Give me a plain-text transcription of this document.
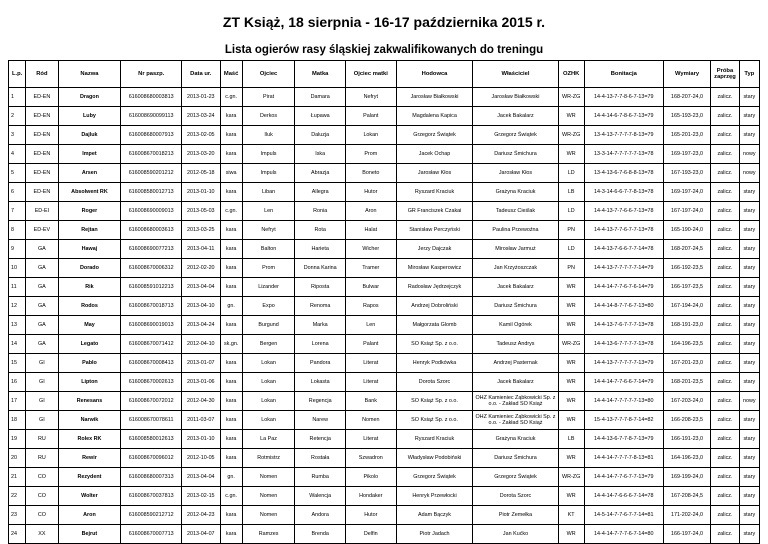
ZT Książ, 18 sierpnia - 16-17 października 2015 r.
Lista ogierów rasy śląskiej zakwalifikowanych do treningu
L.p.	Ród	Nazwa	Nr paszp.	Data ur.	Maść	Ojciec	Matka	Ojciec matki	Hodowca	Właściciel	OZHK	Bonitacja	Wymiary	Próba zaprzęg	Typ
1	ED-EN	Dragon	616008680003813	2013-01-23	c.gn.	Pirat	Damara	Nefryt	Jarosław Białkowski	Jarosław Białkowski	WR-ZG	14-4-13-7-7-8-6-7-13=79	168-207-24,0	zalicz.	stary
2	ED-EN	Luby	616008690099113	2013-03-24	kara	Derkos	Łupawa	Palant	Magdalena Kapica	Jacek Bakalarz	WR	14-4-14-6-7-8-6-7-13=79	165-193-23,0	zalicz.	stary
3	ED-EN	Dajluk	616008680007913	2013-02-05	kara	Iluk	Daluzja	Lokan	Grzegorz Świątek	Grzegorz Świątek	WR-ZG	13-4-13-7-7-7-7-8-13=79	165-201-23,0	zalicz.	stary
4	ED-EN	Impet	616008670018213	2013-03-20	kara	Impuls	Iska	Prom	Jacek Ochap	Dariusz Śmichura	WR	13-3-14-7-7-7-7-7-13=78	169-197-23,0	zalicz.	nowy
5	ED-EN	Arsen	616008590201212	2012-05-18	siwa	Impuls	Abrazja	Boneto	Jarosław Kłos	Jarosław Kłos	LD	13-4-13-6-7-6-8-8-13=78	167-193-23,0	zalicz.	nowy
6	ED-EN	Absolwent RK	616008580012713	2013-01-10	kara	Liban	Allegra	Hutor	Ryszard Kraciuk	Grażyna Kraciuk	LB	14-3-14-6-6-7-7-8-13=78	169-197-24,0	zalicz.	stary
7	ED-EI	Roger	616008690009013	2013-05-03	c.gn.	Len	Ronia	Aron	GR Franciszek Czakai	Tadeusz Cieślak	LD	14-4-13-7-7-6-6-7-13=78	167-197-24,0	zalicz.	stary
8	ED-EV	Rejtan	616008680003613	2013-03-25	kara	Nefryt	Rota	Halat	Stanisław Perczyński	Paulina Przewoźna	PN	14-4-13-7-7-6-7-7-13=78	165-190-24,0	zalicz.	stary
9	GA	Hawaj	616008690077213	2013-04-11	kara	Balton	Harieta	Wicher	Jerzy Dajczak	Mirosław Jarmuż	LD	14-4-13-7-6-6-7-7-14=78	168-207-24,5	zalicz.	stary
10	GA	Dorado	616008670006312	2012-02-20	kara	Prom	Donna Karina	Tramer	Mirosław Kasperowicz	Jan Krzyżoszczak	PN	14-4-13-7-7-7-7-7-14=79	166-192-23,5	zalicz.	stary
11	GA	Rik	616008591012213	2013-04-04	kara	Lizander	Riposta	Bulwar	Radosław Jędrzejczyk	Jacek Bakalarz	WR	14-4-14-7-7-6-7-6-14=79	166-197-23,5	zalicz.	stary
12	GA	Rodos	616008670018713	2013-04-10	gn.	Expo	Renoma	Rapos	Andrzej Dobroliński	Dariusz Śmichura	WR	14-4-14-8-7-7-6-7-13=80	167-194-24,0	zalicz.	stary
13	GA	May	616008690019013	2013-04-24	kara	Burgund	Marka	Len	Małgorzata Glomb	Kamil Ogórek	WR	14-4-13-7-6-7-7-7-13=78	168-191-23,0	zalicz.	stary
14	GA	Legato	616008670071412	2012-04-10	sk.gn.	Bergen	Lorena	Palant	SO Książ Sp. z o.o.	Tadeusz Andrys	WR-ZG	14-4-13-6-7-7-7-7-13=78	164-196-23,5	zalicz.	stary
15	GI	Pablo	616008670008413	2013-01-07	kara	Lokan	Pandora	Literat	Henryk Podkówka	Andrzej Pasternak	WR	14-4-13-7-7-7-7-7-13=79	167-201-23,0	zalicz.	stary
16	GI	Lipton	616008670002613	2013-01-06	kara	Lokan	Lokasta	Literat	Dorota Szorc	Jacek Bakalarz	WR	14-4-14-7-7-6-6-7-14=79	168-201-23,5	zalicz.	stary
17	GI	Renesans	616008670072012	2012-04-30	kara	Lokan	Regencja	Bank	SO Książ Sp. z o.o.	OHZ Kamieniec Ząbkowicki Sp. z o.o. - Zakład SO Książ	WR	14-4-14-7-7-7-7-7-13=80	167-203-24,0	zalicz.	nowy
18	GI	Narwik	616008670078611	2011-03-07	kara	Lokan	Narew	Nomen	SO Książ Sp. z o.o.	OHZ Kamieniec Ząbkowicki Sp. z o.o. - Zakład SO Książ	WR	15-4-13-7-7-7-8-7-14=82	166-208-23,5	zalicz.	stary
19	RU	Rolex RK	616008580012613	2013-01-10	kara	La Paz	Retencja	Literat	Ryszard Kraciuk	Grażyna Kraciuk	LB	14-4-13-6-7-7-8-7-13=79	166-191-23,0	zalicz.	stary
20	RU	Rewir	616008670096012	2012-10-05	kara	Rotmistrz	Rostała	Szwadron	Władysław Podobiński	Dariusz Śmichura	WR	14-4-14-7-7-7-7-8-13=81	164-196-23,0	zalicz.	stary
21	CO	Rezydent	616008680007313	2013-04-04	gn.	Nomen	Rumba	Pikolo	Grzegorz Świątek	Grzegorz Świątek	WR-ZG	14-4-14-7-7-6-7-7-13=79	169-199-24,0	zalicz.	stary
22	CO	Wolter	616008670037813	2013-02-15	c.gn.	Nomen	Walencja	Hondaker	Henryk Przewłocki	Dorota Szorc	WR	14-4-14-7-6-6-6-7-14=78	167-208-24,5	zalicz.	stary
23	CO	Aron	616008590212712	2012-04-23	kara	Nomen	Andora	Hutor	Adam Bączyk	Piotr Zemełka	KT	14-5-14-7-7-6-7-7-14=81	171-202-24,0	zalicz.	stary
24	XX	Bejrut	616008670007713	2013-04-07	kara	Ramzes	Brenda	Delfin	Piotr Jadach	Jan Kućko	WR	14-4-14-7-7-7-6-7-14=80	166-197-24,0	zalicz.	stary
